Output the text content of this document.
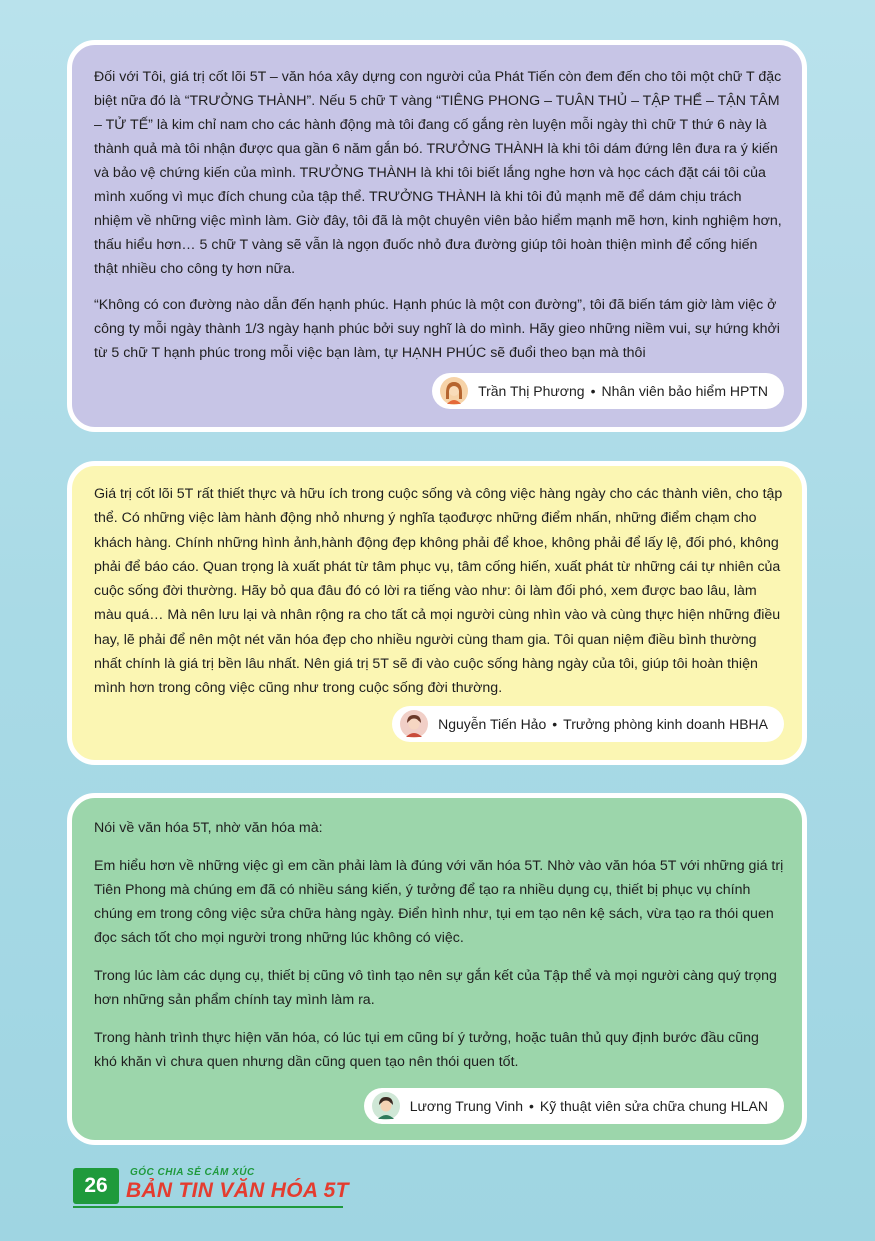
Đối với Tôi, giá trị cốt lõi 5T – văn hóa xây dựng con người của Phát Tiến còn đem đến cho tôi một chữ T đặc biệt nữa đó là “TRƯỞNG THÀNH”. Nếu 5 chữ T vàng “TIÊNG PHONG – TUÂN THỦ – TẬP THỂ – TẬN TÂM – TỬ TẾ” là kim chỉ nam cho các hành động mà tôi đang cố gắng rèn luyện mỗi ngày thì chữ T thứ 6 này là thành quả mà tôi nhận được qua gần 6 năm gắn bó. TRƯỞNG THÀNH là khi tôi dám đứng lên đưa ra ý kiến và bảo vệ chứng kiến của mình. TRƯỞNG THÀNH là khi tôi biết lắng nghe hơn và học cách đặt cái tôi của mình xuống vì mục đích chung của tập thể. TRƯỞNG THÀNH là khi tôi đủ mạnh mẽ để dám chịu trách nhiệm về những việc mình làm. Giờ đây, tôi đã là một chuyên viên bảo hiểm mạnh mẽ hơn, kinh nghiệm hơn, thấu hiểu hơn… 5 chữ T vàng sẽ vẫn là ngọn đuốc nhỏ đưa đường giúp tôi hoàn thiện mình để cống hiến thật nhiều cho công ty hơn nữa.

“Không có con đường nào dẫn đến hạnh phúc. Hạnh phúc là một con đường”, tôi đã biến tám giờ làm việc ở công ty mỗi ngày thành 1/3 ngày hạnh phúc bởi suy nghĩ là do mình. Hãy gieo những niềm vui, sự hứng khởi từ 5 chữ T hạnh phúc trong mỗi việc bạn làm, tự HẠNH PHÚC sẽ đuổi theo bạn mà thôi

Trần Thị Phương • Nhân viên bảo hiểm HPTN

Giá trị cốt lõi 5T rất thiết thực và hữu ích trong cuộc sống và công việc hàng ngày cho các thành viên, cho tập thể. Có những việc làm hành động nhỏ nhưng ý nghĩa tạođược những điểm nhấn, những điểm chạm cho khách hàng. Chính những hình ảnh,hành động đẹp không phải để khoe, không phải để lấy lệ, đối phó, không phải để báo cáo. Quan trọng là xuất phát từ tâm phục vụ, tâm cống hiến, xuất phát từ những cái tự nhiên của cuộc sống đời thường. Hãy bỏ qua đâu đó có lời ra tiếng vào như: ôi làm đối phó, xem được bao lâu, làm màu quá… Mà nên lưu lại và nhân rộng ra cho tất cả mọi người cùng nhìn vào và cùng thực hiện những điều hay, lẽ phải để nên một nét văn hóa đẹp cho nhiều người cùng tham gia. Tôi quan niệm điều bình thường nhất chính là giá trị bền lâu nhất. Nên giá trị 5T sẽ đi vào cuộc sống hàng ngày của tôi, giúp tôi hoàn thiện mình hơn trong công việc cũng như trong cuộc sống đời thường.

Nguyễn Tiến Hảo • Trưởng phòng kinh doanh HBHA

Nói về văn hóa 5T, nhờ văn hóa mà:

Em hiểu hơn về những việc gì em cần phải làm là đúng với văn hóa 5T. Nhờ vào văn hóa 5T với những giá trị Tiên Phong mà chúng em đã có nhiều sáng kiến, ý tưởng để tạo ra nhiều dụng cụ, thiết bị phục vụ chính chúng em trong công việc sửa chữa hàng ngày. Điển hình như, tụi em tạo nên kệ sách, vừa tạo ra thói quen đọc sách tốt cho mọi người trong những lúc không có việc.

Trong lúc làm các dụng cụ, thiết bị cũng vô tình tạo nên sự gắn kết của Tập thể và mọi người càng quý trọng hơn những sản phẩm chính tay mình làm ra.

Trong hành trình thực hiện văn hóa, có lúc tụi em cũng bí ý tưởng, hoặc tuân thủ quy định bước đầu cũng khó khăn vì chưa quen nhưng dần cũng quen tạo nên thói quen tốt.

Lương Trung Vinh • Kỹ thuật viên sửa chữa chung HLAN
26
GÓC CHIA SẺ CẢM XÚC
BẢN TIN VĂN HÓA 5T
